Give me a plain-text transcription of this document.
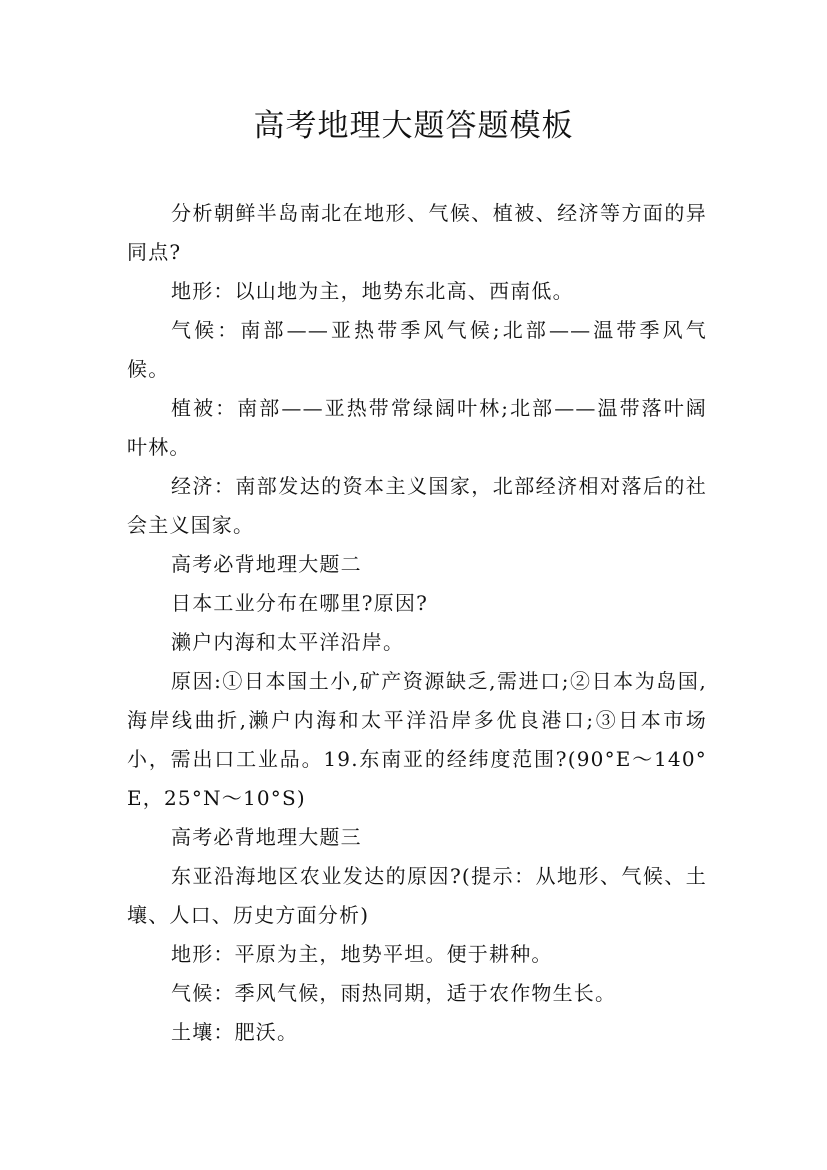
高考地理大题答题模板

分析朝鲜半岛南北在地形、气候、植被、经济等方面的异同点?

地形：以山地为主，地势东北高、西南低。

气候：南部——亚热带季风气候;北部——温带季风气候。

植被：南部——亚热带常绿阔叶林;北部——温带落叶阔叶林。

经济：南部发达的资本主义国家，北部经济相对落后的社会主义国家。

高考必背地理大题二

日本工业分布在哪里?原因?

濑户内海和太平洋沿岸。

原因:①日本国土小,矿产资源缺乏,需进口;②日本为岛国,海岸线曲折,濑户内海和太平洋沿岸多优良港口;③日本市场小，需出口工业品。19.东南亚的经纬度范围?(90°E～140°E，25°N～10°S)

高考必背地理大题三

东亚沿海地区农业发达的原因?(提示：从地形、气候、土壤、人口、历史方面分析)

地形：平原为主，地势平坦。便于耕种。

气候：季风气候，雨热同期，适于农作物生长。

土壤：肥沃。
